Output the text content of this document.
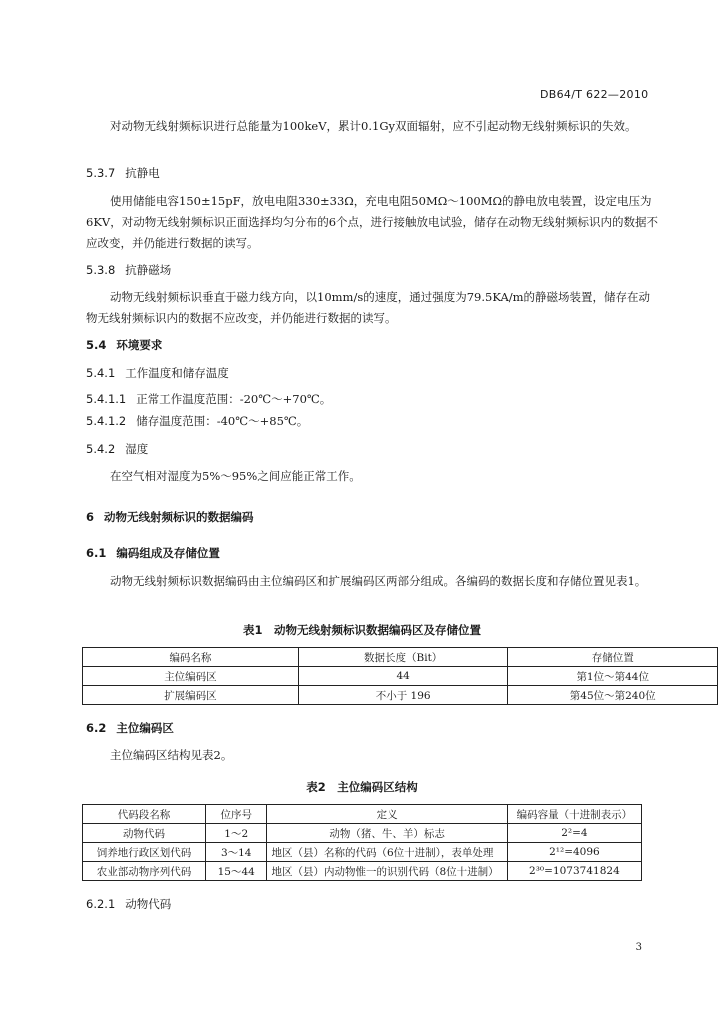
DB64/T 622—2010
对动物无线射频标识进行总能量为100keV，累计0.1Gy双面辐射，应不引起动物无线射频标识的失效。
5.3.7 抗静电
使用储能电容150±15pF，放电电阻330±33Ω，充电电阻50MΩ～100MΩ的静电放电装置，设定电压为6KV，对动物无线射频标识正面选择均匀分布的6个点，进行接触放电试验，储存在动物无线射频标识内的数据不应改变，并仍能进行数据的读写。
5.3.8 抗静磁场
动物无线射频标识垂直于磁力线方向，以10mm/s的速度，通过强度为79.5KA/m的静磁场装置，储存在动物无线射频标识内的数据不应改变，并仍能进行数据的读写。
5.4 环境要求
5.4.1 工作温度和储存温度
5.4.1.1 正常工作温度范围：-20℃～+70℃。
5.4.1.2 储存温度范围：-40℃～+85℃。
5.4.2 湿度
在空气相对湿度为5%～95%之间应能正常工作。
6 动物无线射频标识的数据编码
6.1 编码组成及存储位置
动物无线射频标识数据编码由主位编码区和扩展编码区两部分组成。各编码的数据长度和存储位置见表1。
表1　动物无线射频标识数据编码区及存储位置
编码名称	数据长度（Bit）	存储位置
主位编码区	44	第1位～第44位
扩展编码区	不小于 196	第45位～第240位
6.2 主位编码区
主位编码区结构见表2。
表2　主位编码区结构
代码段名称	位序号	定义	编码容量（十进制表示）
动物代码	1～2	动物（猪、牛、羊）标志	2²=4
饲养地行政区划代码	3～14	地区（县）名称的代码（6位十进制），表单处理	2¹²=4096
农业部动物序列代码	15～44	地区（县）内动物惟一的识别代码（8位十进制）	2³⁰=1073741824
6.2.1 动物代码
3
